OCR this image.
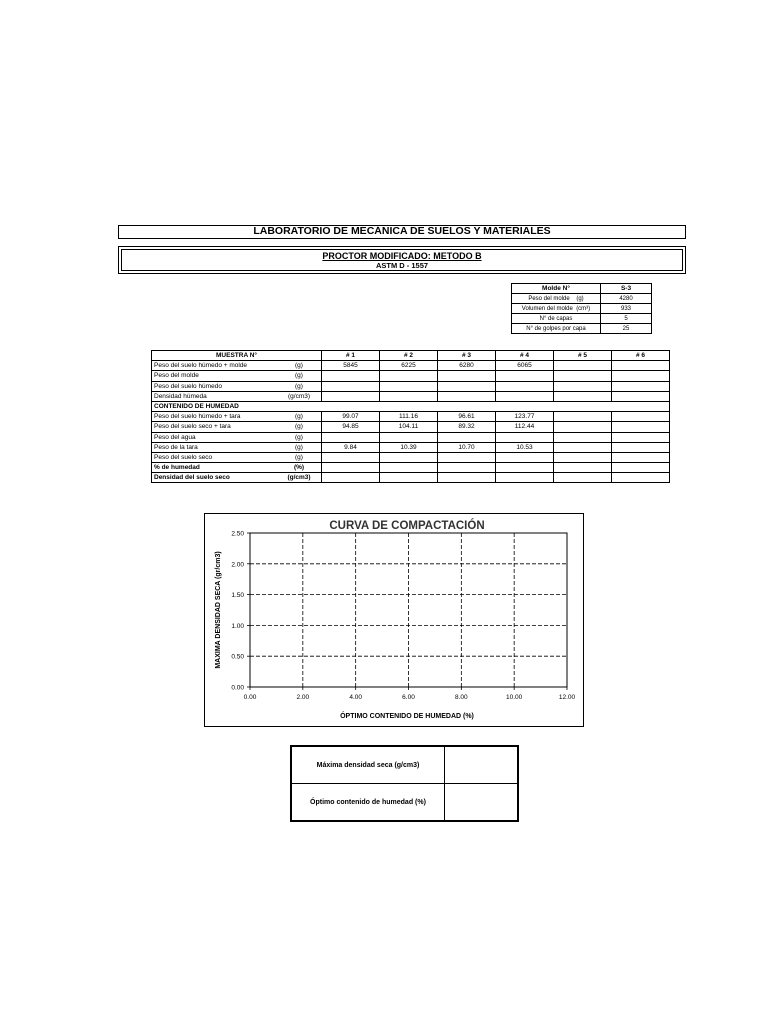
LABORATORIO DE MECÁNICA DE SUELOS Y MATERIALES
PROCTOR MODIFICADO: METODO B
ASTM D - 1557
Molde N°	S-3
Peso del molde (g)	4280
Volumen del molde (cm³)	933
N° de capas	5
N° de golpes por capa	25
MUESTRA N°		# 1	# 2	# 3	# 4	# 5	# 6
Peso del suelo húmedo + molde	(g)	5845	6225	6280	6065		
Peso del molde	(g)						
Peso del suelo húmedo	(g)						
Densidad húmeda	(g/cm3)						
CONTENIDO DE HUMEDAD							
Peso del suelo húmedo + tara	(g)	99.07	111.16	96.61	123.77		
Peso del suelo seco + tara	(g)	94.85	104.11	89.32	112.44		
Peso del agua	(g)						
Peso de la tara	(g)	9.84	10.39	10.70	10.53		
Peso del suelo seco	(g)						
% de humedad	(%)						
Densidad del suelo seco	(g/cm3)						
CURVA DE COMPACTACIÓN
ÓPTIMO CONTENIDO DE HUMEDAD (%)
MAXIMA DENSIDAD SECA (gr/cm3)
0.00
0.50
1.00
1.50
2.00
2.50
0.00	2.00	4.00	6.00	8.00	10.00	12.00
Máxima densidad seca (g/cm3)	
Óptimo contenido de humedad (%)	
